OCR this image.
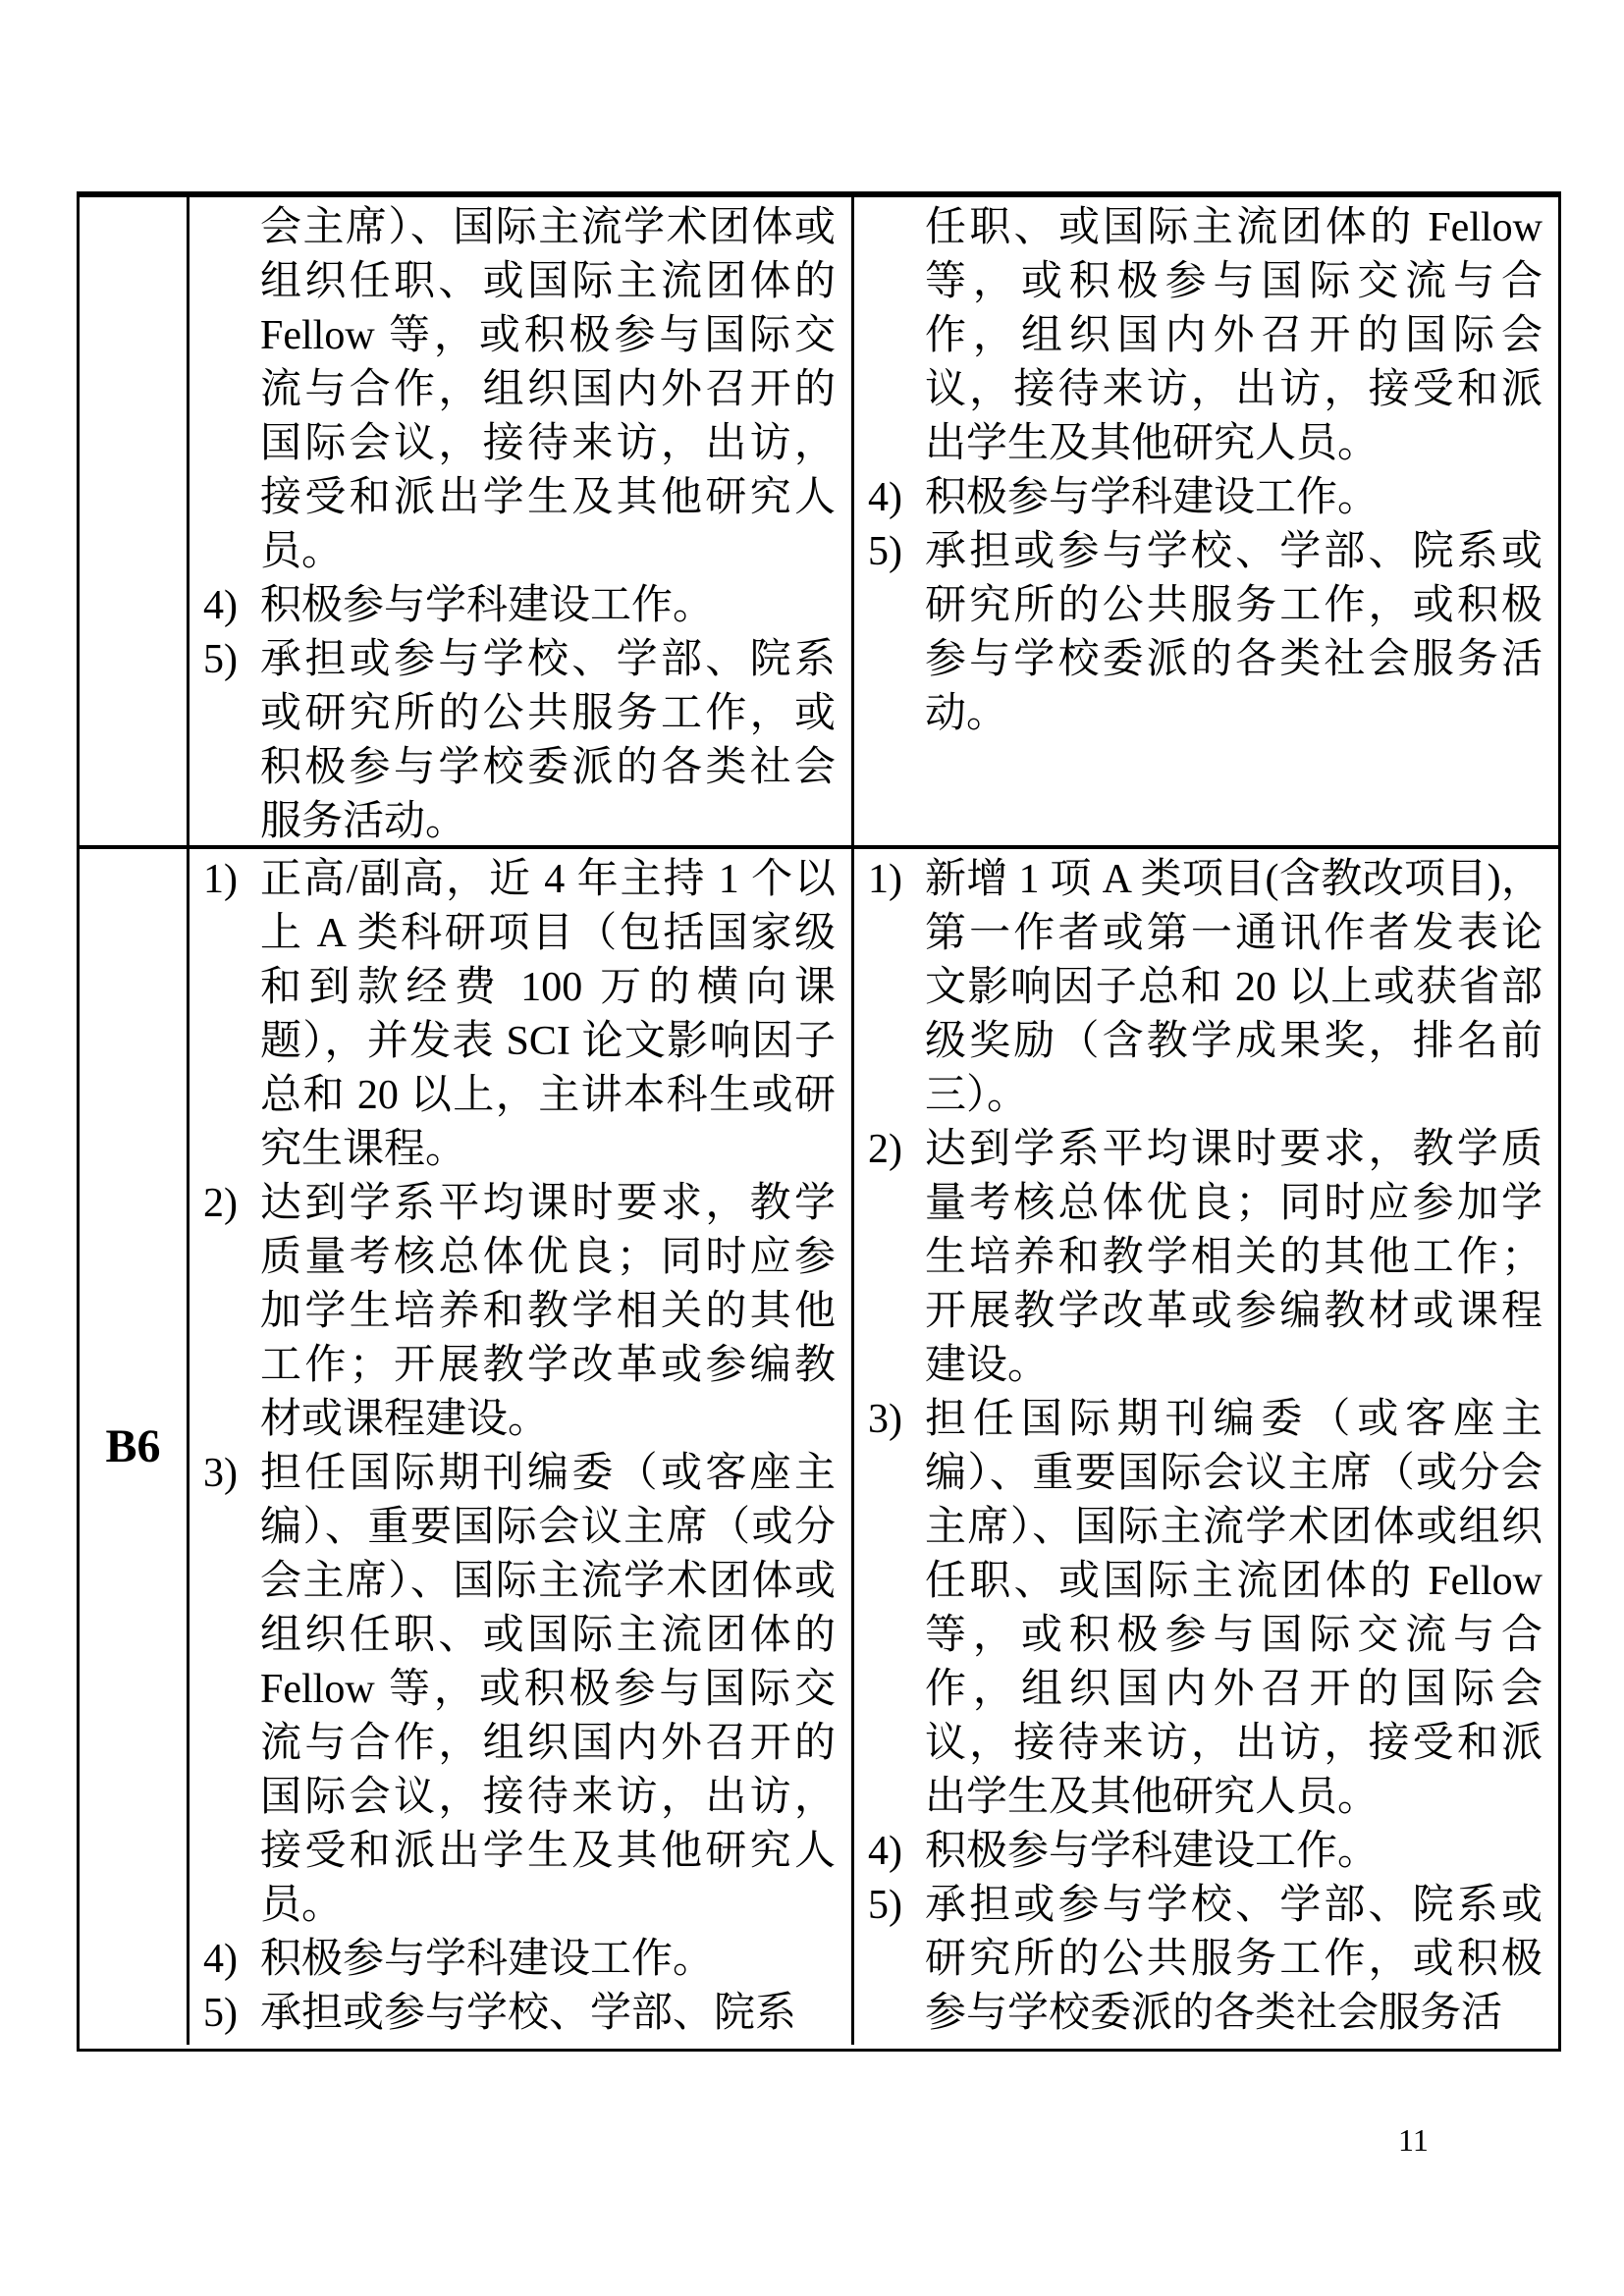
会主席）、国际主流学术团体或组织任职、或国际主流团体的 Fellow 等，或积极参与国际交流与合作，组织国内外召开的国际会议，接待来访，出访，接受和派出学生及其他研究人员。
4) 积极参与学科建设工作。
5) 承担或参与学校、学部、院系或研究所的公共服务工作，或积极参与学校委派的各类社会服务活动。
任职、或国际主流团体的 Fellow 等，或积极参与国际交流与合作，组织国内外召开的国际会议，接待来访，出访，接受和派出学生及其他研究人员。
4) 积极参与学科建设工作。
5) 承担或参与学校、学部、院系或研究所的公共服务工作，或积极参与学校委派的各类社会服务活动。
B6
1) 正高/副高，近 4 年主持 1 个以上 A 类科研项目（包括国家级和到款经费 100 万的横向课题），并发表 SCI 论文影响因子总和 20 以上，主讲本科生或研究生课程。
2) 达到学系平均课时要求，教学质量考核总体优良；同时应参加学生培养和教学相关的其他工作；开展教学改革或参编教材或课程建设。
3) 担任国际期刊编委（或客座主编）、重要国际会议主席（或分会主席）、国际主流学术团体或组织任职、或国际主流团体的 Fellow 等，或积极参与国际交流与合作，组织国内外召开的国际会议，接待来访，出访，接受和派出学生及其他研究人员。
4) 积极参与学科建设工作。
5) 承担或参与学校、学部、院系
1) 新增 1 项 A 类项目(含教改项目)，第一作者或第一通讯作者发表论文影响因子总和 20 以上或获省部级奖励（含教学成果奖，排名前三）。
2) 达到学系平均课时要求，教学质量考核总体优良；同时应参加学生培养和教学相关的其他工作；开展教学改革或参编教材或课程建设。
3) 担任国际期刊编委（或客座主编）、重要国际会议主席（或分会主席）、国际主流学术团体或组织任职、或国际主流团体的 Fellow 等，或积极参与国际交流与合作，组织国内外召开的国际会议，接待来访，出访，接受和派出学生及其他研究人员。
4) 积极参与学科建设工作。
5) 承担或参与学校、学部、院系或研究所的公共服务工作，或积极参与学校委派的各类社会服务活
11
